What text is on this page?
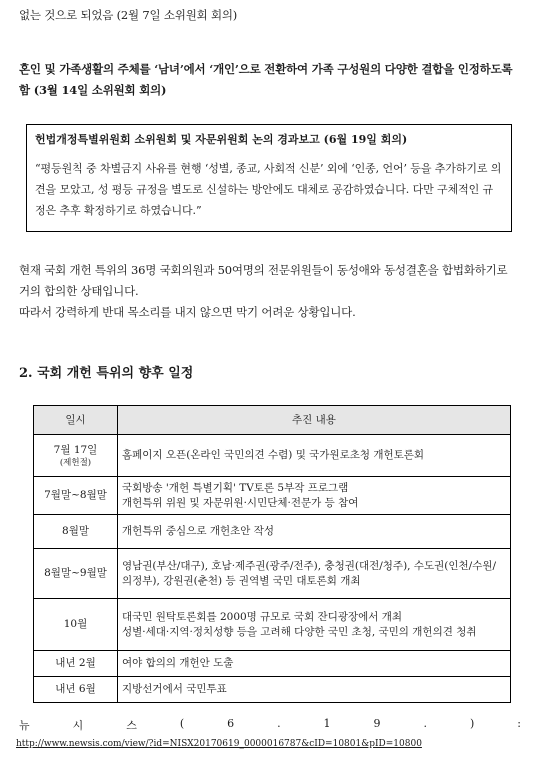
없는 것으로 되었음 (2월 7일 소위원회 회의)
혼인 및 가족생활의 주체를 ‘남녀’에서 ‘개인’으로 전환하여 가족 구성원의 다양한 결합을 인정하도록 함 (3월 14일 소위원회 회의)
헌법개정특별위원회 소위원회 및 자문위원회 논의 경과보고 (6월 19일 회의)
“평등원칙 중 차별금지 사유를 현행 ‘성별, 종교, 사회적 신분’ 외에 ‘인종, 언어’ 등을 추가하기로 의견을 모았고, 성 평등 규정을 별도로 신설하는 방안에도 대체로 공감하였습니다. 다만 구체적인 규정은 추후 확정하기로 하였습니다.”
현재 국회 개헌 특위의 36명 국회의원과 50여명의 전문위원들이 동성애와 동성결혼을 합법화하기로 거의 합의한 상태입니다.
따라서 강력하게 반대 목소리를 내지 않으면 막기 어려운 상황입니다.
2. 국회 개헌 특위의 향후 일정
일시	추진 내용
7월 17일
(제헌절)	홈페이지 오픈(온라인 국민의견 수렴) 및 국가원로초청 개헌토론회
7월말~8월말	국회방송 '개헌 특별기획' TV토론 5부작 프로그램
개헌특위 위원 및 자문위원·시민단체·전문가 등 참여
8월말	개헌특위 중심으로 개헌초안 작성
8월말~9월말	영남권(부산/대구), 호남·제주권(광주/전주), 충청권(대전/청주), 수도권(인천/수원/의정부), 강원권(춘천) 등 권역별 국민 대토론회 개최
10월	대국민 원탁토론회를 2000명 규모로 국회 잔디광장에서 개최
성별·세대·지역·정치성향 등을 고려해 다양한 국민 초청, 국민의 개헌의견 청취
내년 2월	여야 합의의 개헌안 도출
내년 6월	지방선거에서 국민투표
뉴	시	스	(	6	.	1	9	.	)	:
http://www.newsis.com/view/?id=NISX20170619_0000016787&cID=10801&pID=10800
